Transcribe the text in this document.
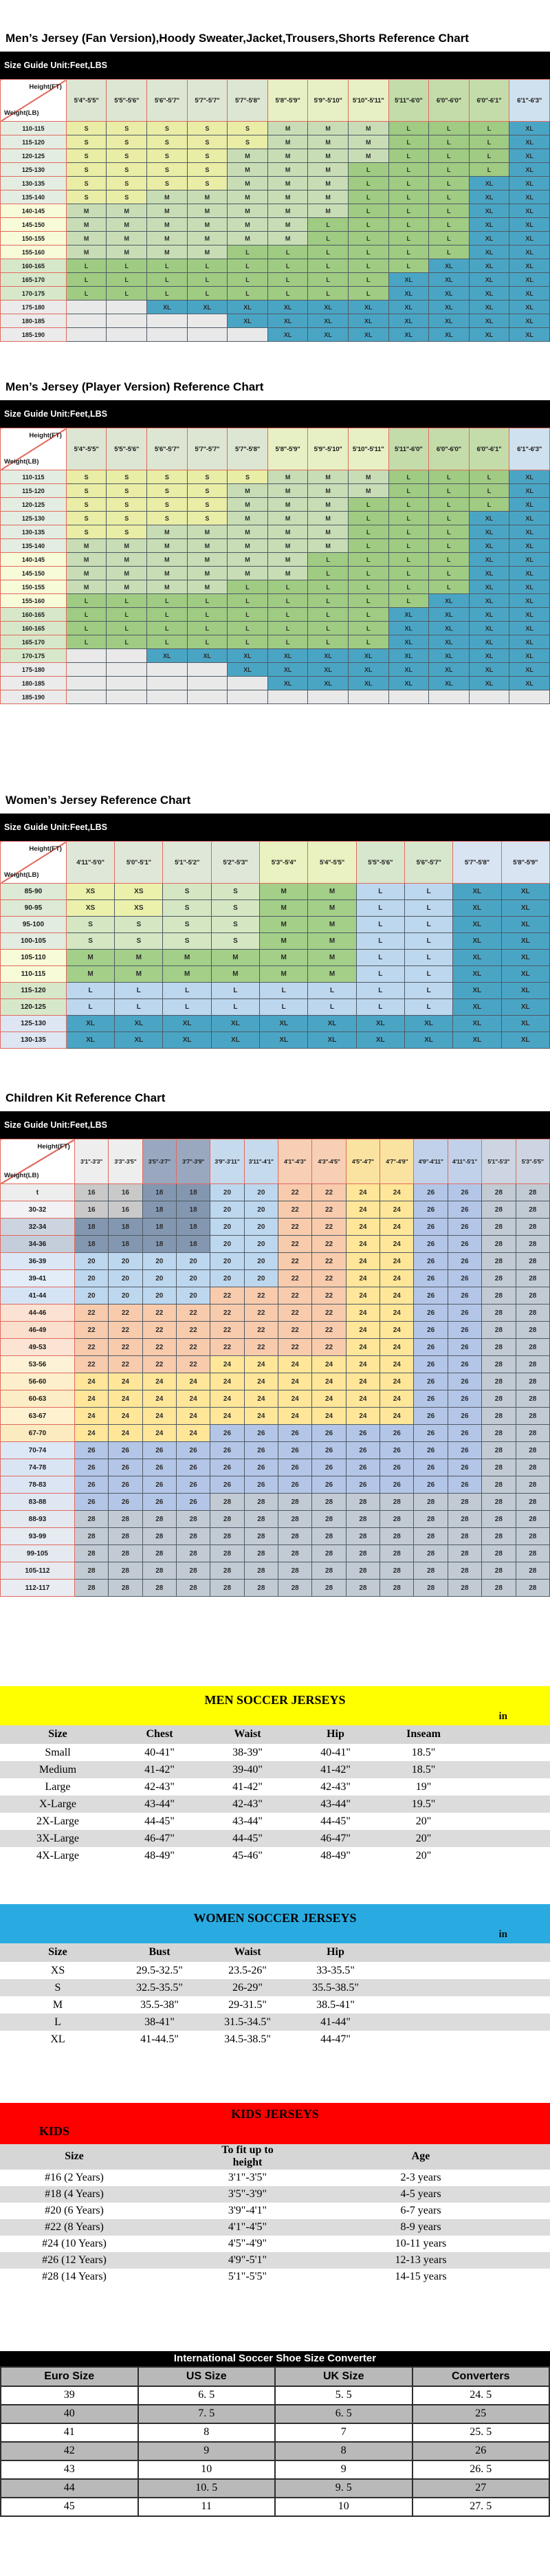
Men’s Jersey (Fan Version),Hoody Sweater,Jacket,Trousers,Shorts Reference Chart
Size Guide Unit:Feet,LBS
Height(FT)
Weight(LB)	5'4"-5'5"	5'5"-5'6"	5'6"-5'7"	5'7"-5'7"	5'7"-5'8"	5'8"-5'9"	5'9"-5'10"	5'10"-5'11"	5'11"-6'0"	6'0"-6'0"	6'0"-6'1"	6'1"-6'3"
110-115	S	S	S	S	S	M	M	M	L	L	L	XL
115-120	S	S	S	S	S	M	M	M	L	L	L	XL
120-125	S	S	S	S	M	M	M	M	L	L	L	XL
125-130	S	S	S	S	M	M	M	L	L	L	L	XL
130-135	S	S	S	S	M	M	M	L	L	L	XL	XL
135-140	S	S	M	M	M	M	M	L	L	L	XL	XL
140-145	M	M	M	M	M	M	M	L	L	L	XL	XL
145-150	M	M	M	M	M	M	L	L	L	L	XL	XL
150-155	M	M	M	M	M	M	L	L	L	L	XL	XL
155-160	M	M	M	M	L	L	L	L	L	L	XL	XL
160-165	L	L	L	L	L	L	L	L	L	XL	XL	XL
165-170	L	L	L	L	L	L	L	L	XL	XL	XL	XL
170-175	L	L	L	L	L	L	L	L	XL	XL	XL	XL
175-180			XL	XL	XL	XL	XL	XL	XL	XL	XL	XL
180-185					XL	XL	XL	XL	XL	XL	XL	XL
185-190						XL	XL	XL	XL	XL	XL	XL
Men’s Jersey (Player Version) Reference Chart
Size Guide Unit:Feet,LBS
Height(FT)
Weight(LB)	5'4"-5'5"	5'5"-5'6"	5'6"-5'7"	5'7"-5'7"	5'7"-5'8"	5'8"-5'9"	5'9"-5'10"	5'10"-5'11"	5'11"-6'0"	6'0"-6'0"	6'0"-6'1"	6'1"-6'3"
110-115	S	S	S	S	S	M	M	M	L	L	L	XL
115-120	S	S	S	S	M	M	M	M	L	L	L	XL
120-125	S	S	S	S	M	M	M	L	L	L	L	XL
125-130	S	S	S	S	M	M	M	L	L	L	XL	XL
130-135	S	S	M	M	M	M	M	L	L	L	XL	XL
135-140	M	M	M	M	M	M	M	L	L	L	XL	XL
140-145	M	M	M	M	M	M	L	L	L	L	XL	XL
145-150	M	M	M	M	M	M	L	L	L	L	XL	XL
150-155	M	M	M	M	L	L	L	L	L	L	XL	XL
155-160	L	L	L	L	L	L	L	L	L	XL	XL	XL
160-165	L	L	L	L	L	L	L	L	XL	XL	XL	XL
160-165	L	L	L	L	L	L	L	L	XL	XL	XL	XL
165-170	L	L	L	L	L	L	L	L	XL	XL	XL	XL
170-175			XL	XL	XL	XL	XL	XL	XL	XL	XL	XL
175-180					XL	XL	XL	XL	XL	XL	XL	XL
180-185						XL	XL	XL	XL	XL	XL	XL
185-190												
Women’s Jersey Reference Chart
Size Guide Unit:Feet,LBS
Height(FT)
Weight(LB)	4'11"-5'0"	5'0"-5'1"	5'1"-5'2"	5'2"-5'3"	5'3"-5'4"	5'4"-5'5"	5'5"-5'6"	5'6"-5'7"	5'7"-5'8"	5'8"-5'9"
85-90	XS	XS	S	S	M	M	L	L	XL	XL
90-95	XS	XS	S	S	M	M	L	L	XL	XL
95-100	S	S	S	S	M	M	L	L	XL	XL
100-105	S	S	S	S	M	M	L	L	XL	XL
105-110	M	M	M	M	M	M	L	L	XL	XL
110-115	M	M	M	M	M	M	L	L	XL	XL
115-120	L	L	L	L	L	L	L	L	XL	XL
120-125	L	L	L	L	L	L	L	L	XL	XL
125-130	XL	XL	XL	XL	XL	XL	XL	XL	XL	XL
130-135	XL	XL	XL	XL	XL	XL	XL	XL	XL	XL
Children Kit Reference Chart
Size Guide Unit:Feet,LBS
Height(FT)
Weight(LB)	3'1"-3'3"	3'3"-3'5"	3'5"-3'7"	3'7"-3'9"	3'9"-3'11"	3'11"-4'1"	4'1"-4'3"	4'3"-4'5"	4'5"-4'7"	4'7"-4'9"	4'9"-4'11"	4'11"-5'1"	5'1"-5'3"	5'3"-5'5"
t	16	16	18	18	20	20	22	22	24	24	26	26	28	28
30-32	16	16	18	18	20	20	22	22	24	24	26	26	28	28
32-34	18	18	18	18	20	20	22	22	24	24	26	26	28	28
34-36	18	18	18	18	20	20	22	22	24	24	26	26	28	28
36-39	20	20	20	20	20	20	22	22	24	24	26	26	28	28
39-41	20	20	20	20	20	20	22	22	24	24	26	26	28	28
41-44	20	20	20	20	22	22	22	22	24	24	26	26	28	28
44-46	22	22	22	22	22	22	22	22	24	24	26	26	28	28
46-49	22	22	22	22	22	22	22	22	24	24	26	26	28	28
49-53	22	22	22	22	22	22	22	22	24	24	26	26	28	28
53-56	22	22	22	22	24	24	24	24	24	24	26	26	28	28
56-60	24	24	24	24	24	24	24	24	24	24	26	26	28	28
60-63	24	24	24	24	24	24	24	24	24	24	26	26	28	28
63-67	24	24	24	24	24	24	24	24	24	24	26	26	28	28
67-70	24	24	24	24	26	26	26	26	26	26	26	26	28	28
70-74	26	26	26	26	26	26	26	26	26	26	26	26	28	28
74-78	26	26	26	26	26	26	26	26	26	26	26	26	28	28
78-83	26	26	26	26	26	26	26	26	26	26	26	26	28	28
83-88	26	26	26	26	28	28	28	28	28	28	28	28	28	28
88-93	28	28	28	28	28	28	28	28	28	28	28	28	28	28
93-99	28	28	28	28	28	28	28	28	28	28	28	28	28	28
99-105	28	28	28	28	28	28	28	28	28	28	28	28	28	28
105-112	28	28	28	28	28	28	28	28	28	28	28	28	28	28
112-117	28	28	28	28	28	28	28	28	28	28	28	28	28	28
MEN SOCCER JERSEYS
in
Size	Chest	Waist	Hip	Inseam	
Small	40-41"	38-39"	40-41"	18.5"	
Medium	41-42"	39-40"	41-42"	18.5"	
Large	42-43"	41-42"	42-43"	19"	
X-Large	43-44"	42-43"	43-44"	19.5"	
2X-Large	44-45"	43-44"	44-45"	20"	
3X-Large	46-47"	44-45"	46-47"	20"	
4X-Large	48-49"	45-46"	48-49"	20"	
WOMEN SOCCER JERSEYS
in
Size	Bust	Waist	Hip	
XS	29.5-32.5"	23.5-26"	33-35.5"	
S	32.5-35.5"	26-29"	35.5-38.5"	
M	35.5-38"	29-31.5"	38.5-41"	
L	38-41"	31.5-34.5"	41-44"	
XL	41-44.5"	34.5-38.5"	44-47"	
KIDS JERSEYS
KIDS
Size	To fit up to height	Age	
#16 (2 Years)	3'1"-3'5"	2-3 years	
#18 (4 Years)	3'5"-3'9"	4-5 years	
#20 (6 Years)	3'9"-4'1"	6-7 years	
#22 (8 Years)	4'1"-4'5"	8-9 years	
#24 (10 Years)	4'5"-4'9"	10-11 years	
#26 (12 Years)	4'9"-5'1"	12-13 years	
#28 (14 Years)	5'1"-5'5"	14-15 years	
International Soccer Shoe Size Converter
Euro Size	US Size	UK Size	Converters
39	6. 5	5. 5	24. 5
40	7. 5	6. 5	25
41	8	7	25. 5
42	9	8	26
43	10	9	26. 5
44	10. 5	9. 5	27
45	11	10	27. 5
